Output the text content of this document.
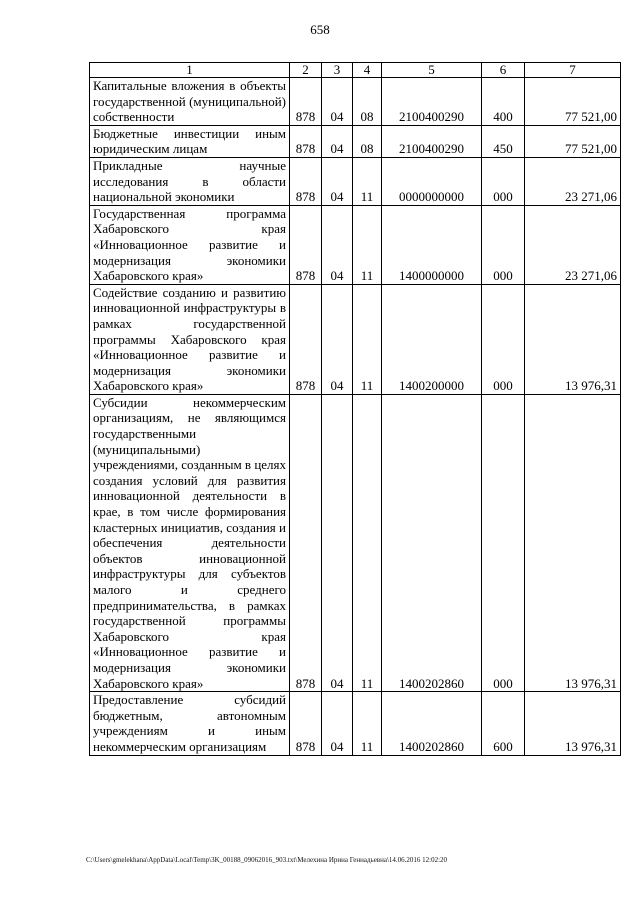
658
1	2	3	4	5	6	7
Капитальные вложения в объекты государственной (муниципальной) собственности	878	04	08	2100400290	400	77 521,00
Бюджетные инвестиции иным юридическим лицам	878	04	08	2100400290	450	77 521,00
Прикладные научные исследования в области национальной экономики	878	04	11	0000000000	000	23 271,06
Государственная программа Хабаровского края «Инновационное развитие и модернизация экономики Хабаровского края»	878	04	11	1400000000	000	23 271,06
Содействие созданию и развитию инновационной инфраструктуры в рамках государственной программы Хабаровского края «Инновационное развитие и модернизация экономики Хабаровского края»	878	04	11	1400200000	000	13 976,31
Субсидии некоммерческим организациям, не являющимся государственными (муниципальными) учреждениями, созданным в целях создания условий для развития инновационной деятельности в крае, в том числе формирования кластерных инициатив, создания и обеспечения деятельности объектов инновационной инфраструктуры для субъектов малого и среднего предпринимательства, в рамках государственной программы Хабаровского края «Инновационное развитие и модернизация экономики Хабаровского края»	878	04	11	1400202860	000	13 976,31
Предоставление субсидий бюджетным, автономным учреждениям и иным некоммерческим организациям	878	04	11	1400202860	600	13 976,31
C:\Users\gmelekhana\AppData\Local\Temp\3K_00188_09062016_903.txt\Мелехина Ирина Геннадьевна\14.06.2016 12:02:20
